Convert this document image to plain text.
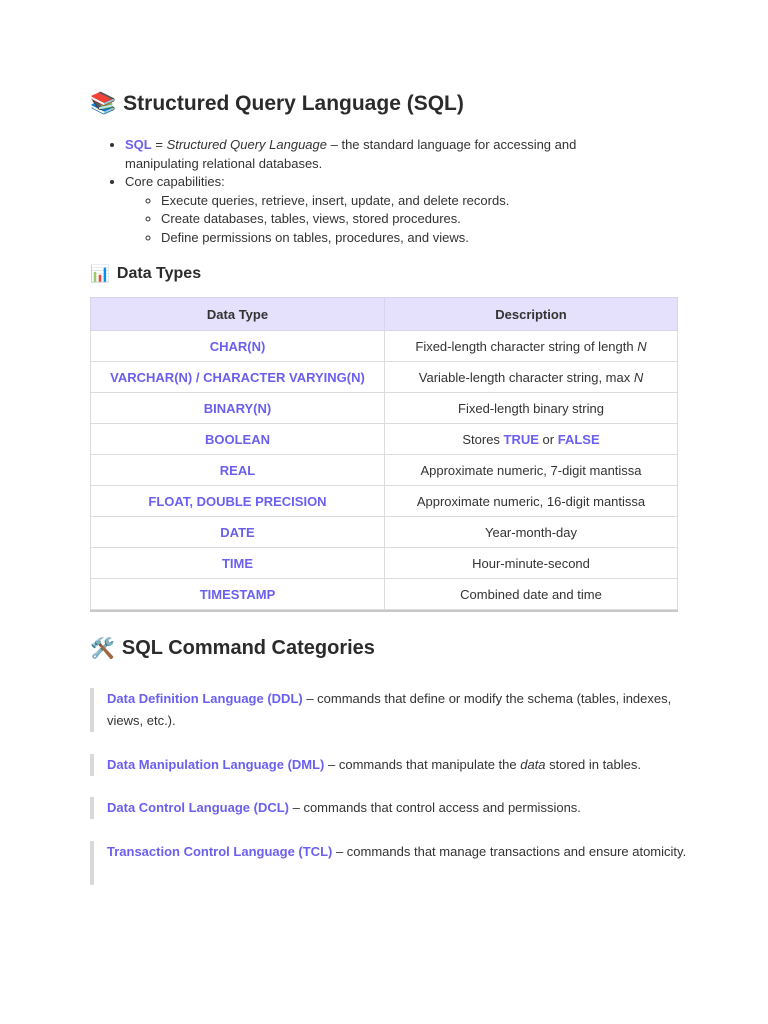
📚 Structured Query Language (SQL)
• SQL = Structured Query Language – the standard language for accessing and manipulating relational databases.
• Core capabilities:
◦ Execute queries, retrieve, insert, update, and delete records.
◦ Create databases, tables, views, stored procedures.
◦ Define permissions on tables, procedures, and views.
📊 Data Types
Data Type	Description
CHAR(N)	Fixed-length character string of length N
VARCHAR(N) / CHARACTER VARYING(N)	Variable-length character string, max N
BINARY(N)	Fixed-length binary string
BOOLEAN	Stores TRUE or FALSE
REAL	Approximate numeric, 7-digit mantissa
FLOAT, DOUBLE PRECISION	Approximate numeric, 16-digit mantissa
DATE	Year-month-day
TIME	Hour-minute-second
TIMESTAMP	Combined date and time
🛠️ SQL Command Categories
Data Definition Language (DDL) – commands that define or modify the schema (tables, indexes, views, etc.).
Data Manipulation Language (DML) – commands that manipulate the data stored in tables.
Data Control Language (DCL) – commands that control access and permissions.
Transaction Control Language (TCL) – commands that manage transactions and ensure atomicity.
